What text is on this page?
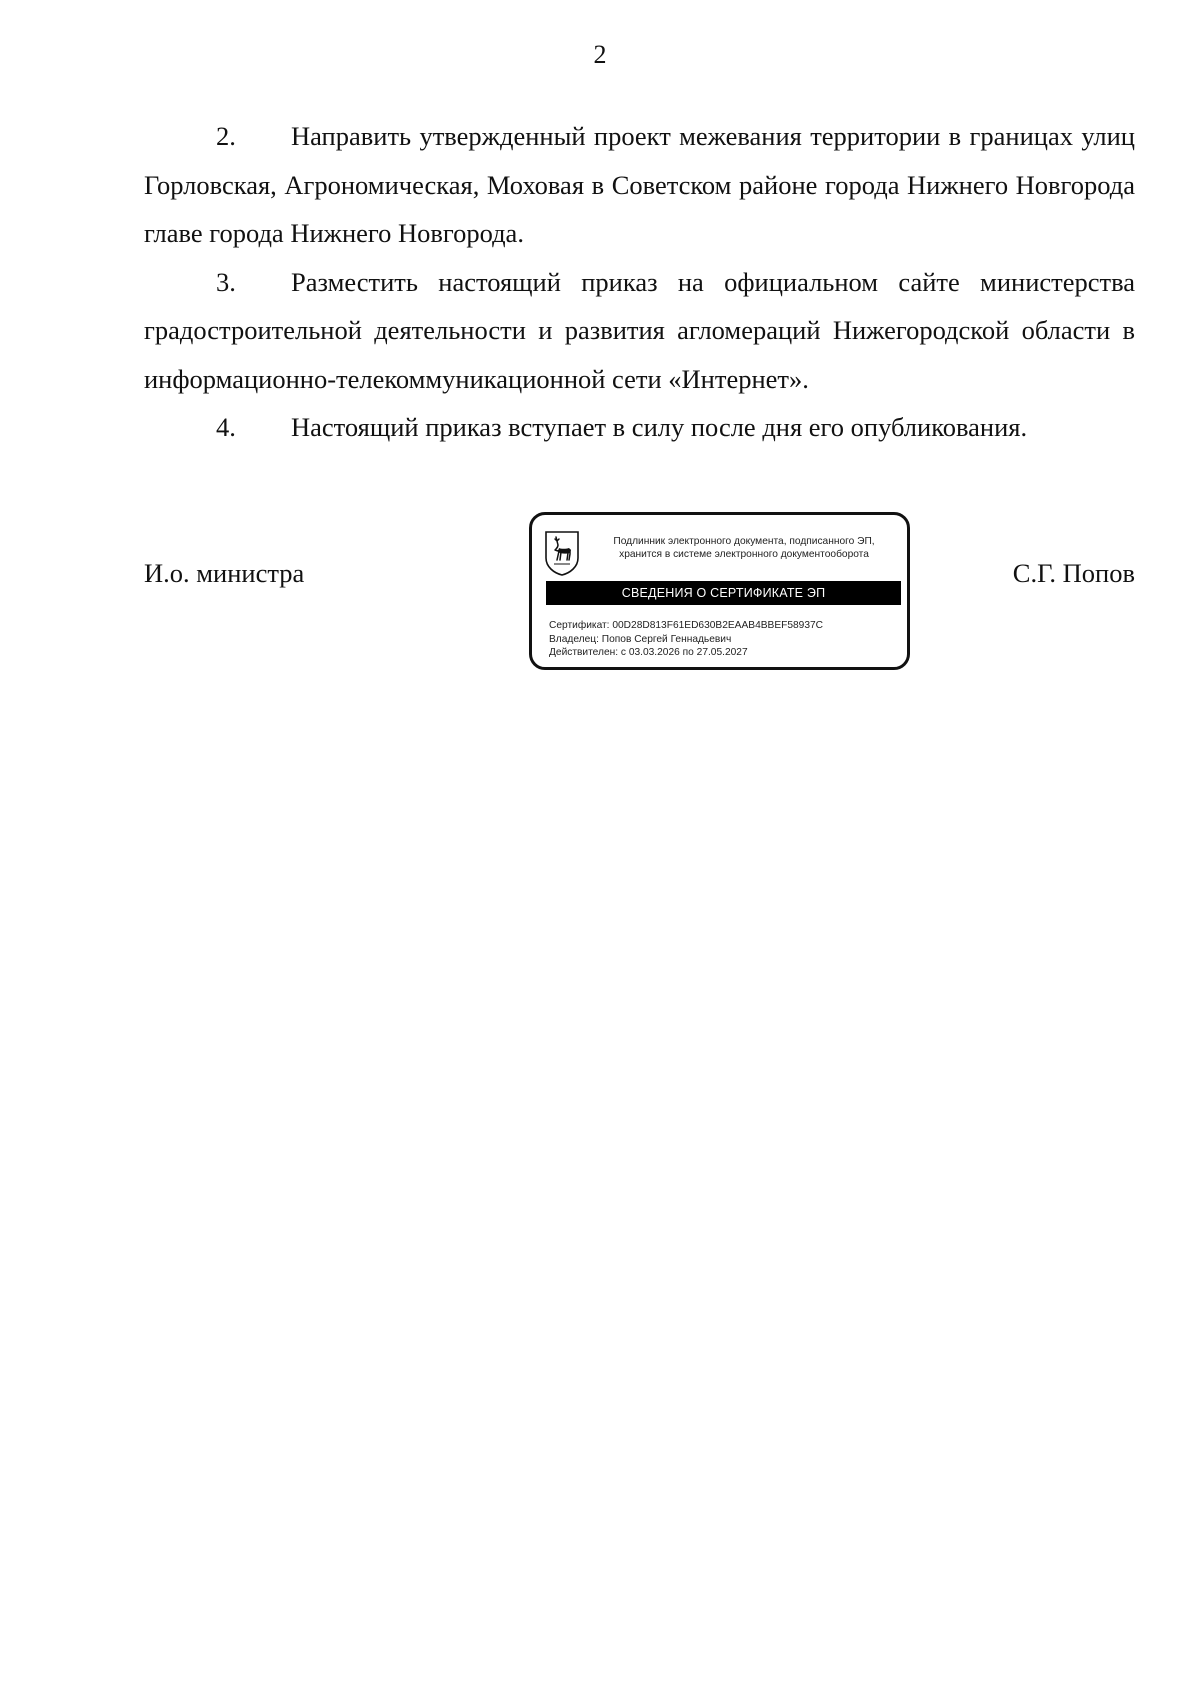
2

2. Направить утвержденный проект межевания территории в границах улиц Горловская, Агрономическая, Моховая в Советском районе города Нижнего Новгорода главе города Нижнего Новгорода.

3. Разместить настоящий приказ на официальном сайте министерства градостроительной деятельности и развития агломераций Нижегородской области в информационно-телекоммуникационной сети «Интернет».

4. Настоящий приказ вступает в силу после дня его опубликования.

И.о. министра	С.Г. Попов
Подлинник электронного документа, подписанного ЭП,
хранится в системе электронного документооборота
СВЕДЕНИЯ О СЕРТИФИКАТЕ ЭП
Сертификат: 00D28D813F61ED630B2EAAB4BBEF58937C
Владелец: Попов Сергей Геннадьевич
Действителен: с 03.03.2026 по 27.05.2027
